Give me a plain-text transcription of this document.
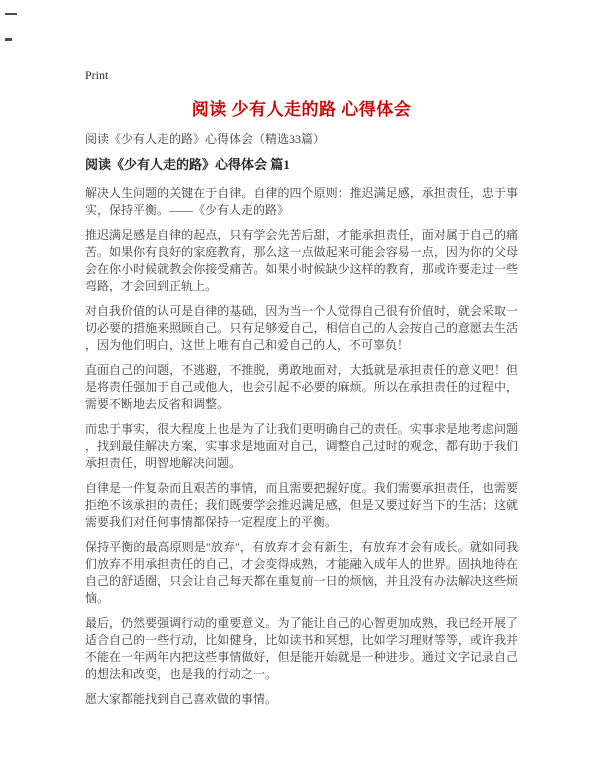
Print
阅读 少有人走的路 心得体会
阅读《少有人走的路》心得体会（精选33篇）
阅读《少有人走的路》心得体会 篇1

解决人生问题的关键在于自律。自律的四个原则：推迟满足感，承担责任，忠于事实，保持平衡。——《少有人走的路》

推迟满足感是自律的起点，只有学会先苦后甜，才能承担责任，面对属于自己的痛苦。如果你有良好的家庭教育，那么这一点做起来可能会容易一点，因为你的父母会在你小时候就教会你接受痛苦。如果小时候缺少这样的教育，那或许要走过一些弯路，才会回到正轨上。

对自我价值的认可是自律的基础，因为当一个人觉得自己很有价值时，就会采取一切必要的措施来照顾自己。只有足够爱自己，相信自己的人会按自己的意愿去生活，因为他们明白，这世上唯有自己和爱自己的人，不可辜负！

直面自己的问题，不逃避，不推脱，勇敢地面对，大抵就是承担责任的意义吧！但是将责任强加于自己或他人，也会引起不必要的麻烦。所以在承担责任的过程中，需要不断地去反省和调整。

而忠于事实，很大程度上也是为了让我们更明确自己的责任。实事求是地考虑问题，找到最佳解决方案，实事求是地面对自己，调整自己过时的观念，都有助于我们承担责任，明智地解决问题。

自律是一件复杂而且艰苦的事情，而且需要把握好度。我们需要承担责任，也需要拒绝不该承担的责任；我们既要学会推迟满足感，但是又要过好当下的生活；这就需要我们对任何事情都保持一定程度上的平衡。

保持平衡的最高原则是"放弃"，有放弃才会有新生，有放弃才会有成长。就如同我们放弃不用承担责任的自己，才会变得成熟，才能融入成年人的世界。固执地待在自己的舒适圈，只会让自己每天都在重复前一日的烦恼，并且没有办法解决这些烦恼。

最后，仍然要强调行动的重要意义。为了能让自己的心智更加成熟，我已经开展了适合自己的一些行动，比如健身，比如读书和冥想，比如学习理财等等，或许我并不能在一年两年内把这些事情做好，但是能开始就是一种进步。通过文字记录自己的想法和改变，也是我的行动之一。

愿大家都能找到自己喜欢做的事情。
